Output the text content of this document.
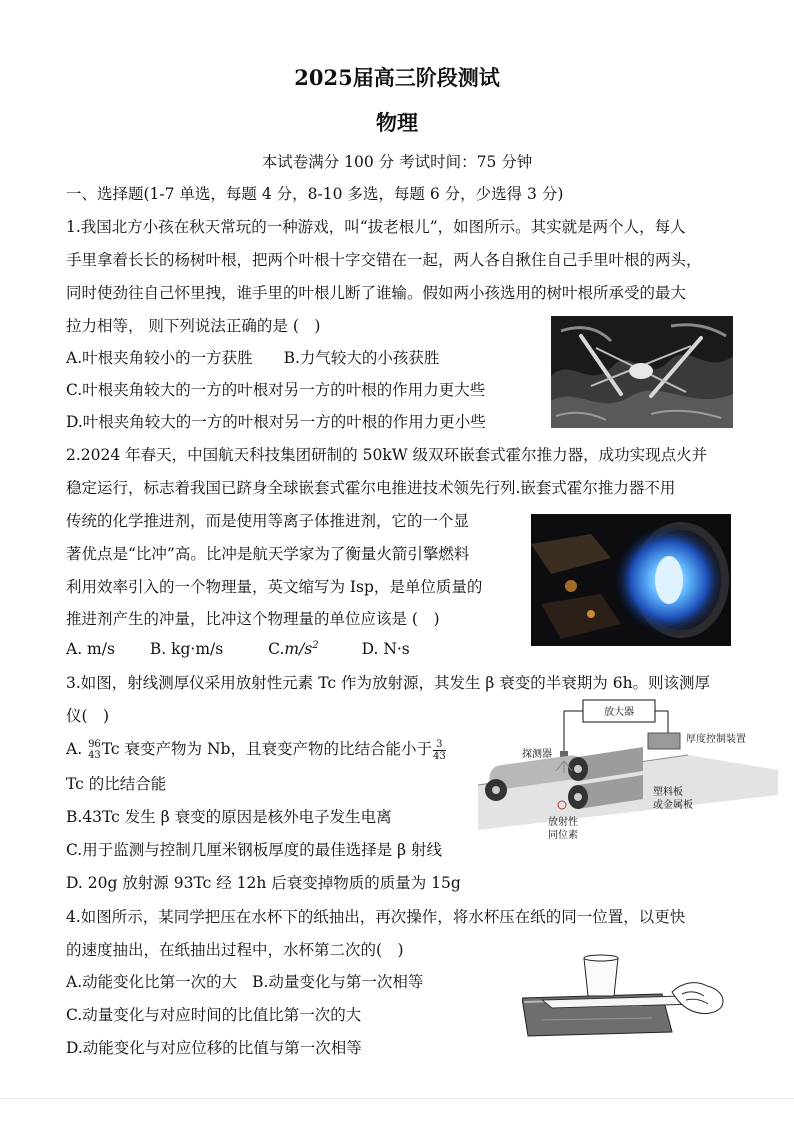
2025届高三阶段测试
物理
本试卷满分 100 分 考试时间：75 分钟
一、选择题(1-7 单选，每题 4 分，8-10 多选，每题 6 分，少选得 3 分)
1.我国北方小孩在秋天常玩的一种游戏，叫“拔老根儿”，如图所示。其实就是两个人，每人
手里拿着长长的杨树叶根，把两个叶根十字交错在一起，两人各自揪住自己手里叶根的两头，
同时使劲往自己怀里拽，谁手里的叶根儿断了谁输。假如两小孩选用的树叶根所承受的最大
拉力相等， 则下列说法正确的是 (　)
A.叶根夹角较小的一方获胜 B.力气较大的小孩获胜
C.叶根夹角较大的一方的叶根对另一方的叶根的作用力更大些
D.叶根夹角较大的一方的叶根对另一方的叶根的作用力更小些
2.2024 年春天，中国航天科技集团研制的 50kW 级双环嵌套式霍尔推力器，成功实现点火并
稳定运行，标志着我国已跻身全球嵌套式霍尔电推进技术领先行列.嵌套式霍尔推力器不用
传统的化学推进剂，而是使用等离子体推进剂，它的一个显
著优点是“比冲”高。比冲是航天学家为了衡量火箭引擎燃料
利用效率引入的一个物理量，英文缩写为 Isp，是单位质量的
推进剂产生的冲量，比冲这个物理量的单位应该是 (　)
A. m/s B. kg·m/s	$C.m/s^2$	D. N·s
3.如图，射线测厚仪采用放射性元素 Tc 作为放射源，其发生 β 衰变的半衰期为 6h。则该测厚
仪(　)
A. 96
43 Tc 衰变产物为 Nb，且衰变产物的比结合能小于 $\frac{3}{43}$
Tc 的比结合能
B.43Tc 发生 β 衰变的原因是核外电子发生电离
C.用于监测与控制几厘米钢板厚度的最佳选择是 β 射线
D. 20g 放射源 93Tc 经 12h 后衰变掉物质的质量为 15g
放大器
厚度控制装置
探测器
塑料板
或金属板
放射性
同位素
4.如图所示，某同学把压在水杯下的纸抽出，再次操作，将水杯压在纸的同一位置，以更快
的速度抽出，在纸抽出过程中，水杯第二次的(　)
A.动能变化比第一次的大 B.动量变化与第一次相等
C.动量变化与对应时间的比值比第一次的大
D.动能变化与对应位移的比值与第一次相等
